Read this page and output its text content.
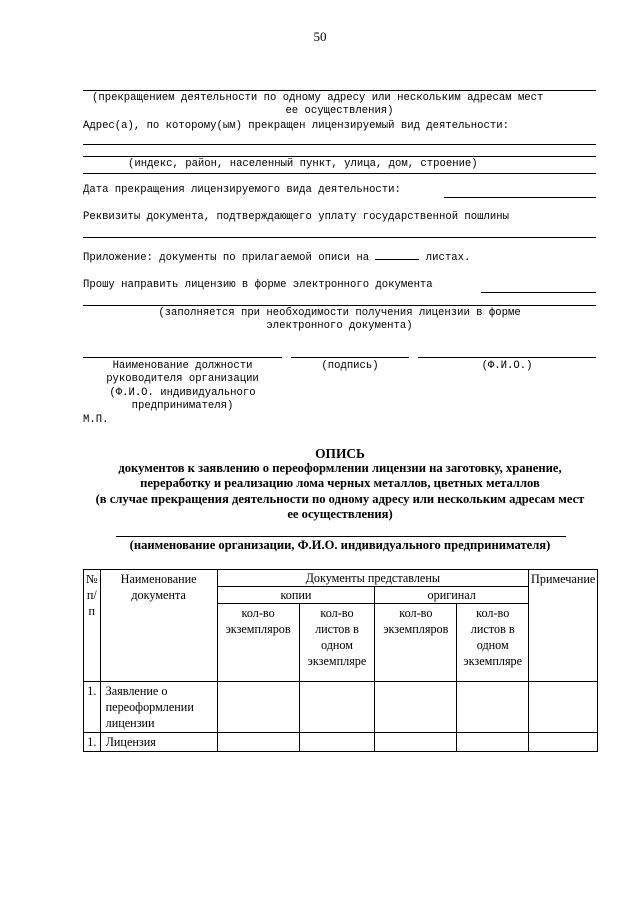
50
(прекращением деятельности по одному адресу или нескольким адресам мест
ее осуществления)
Адрес(а), по которому(ым) прекращен лицензируемый вид деятельности:
(индекс, район, населенный пункт, улица, дом, строение)
Дата прекращения лицензируемого вида деятельности:
Реквизиты документа, подтверждающего уплату государственной пошлины
Приложение: документы по прилагаемой описи на	листах.
Прошу направить лицензию в форме электронного документа
(заполняется при необходимости получения лицензии в форме
электронного документа)
Наименование должности
руководителя организации
(Ф.И.О. индивидуального
предпринимателя)
(подпись)	(Ф.И.О.)
М.П.
ОПИСЬ
документов к заявлению о переоформлении лицензии на заготовку, хранение,
переработку и реализацию лома черных металлов, цветных металлов
(в случае прекращения деятельности по одному адресу или нескольким адресам мест
ее осуществления)
(наименование организации, Ф.И.О. индивидуального предпринимателя)
№ п/п	Наименование документа	Документы представлены				Примечание
		копии		оригинал		
		кол-во экземпляров	кол-во листов в одном экземпляре	кол-во экземпляров	кол-во листов в одном экземпляре	
1.	Заявление о переоформлении лицензии					
1.	Лицензия					
